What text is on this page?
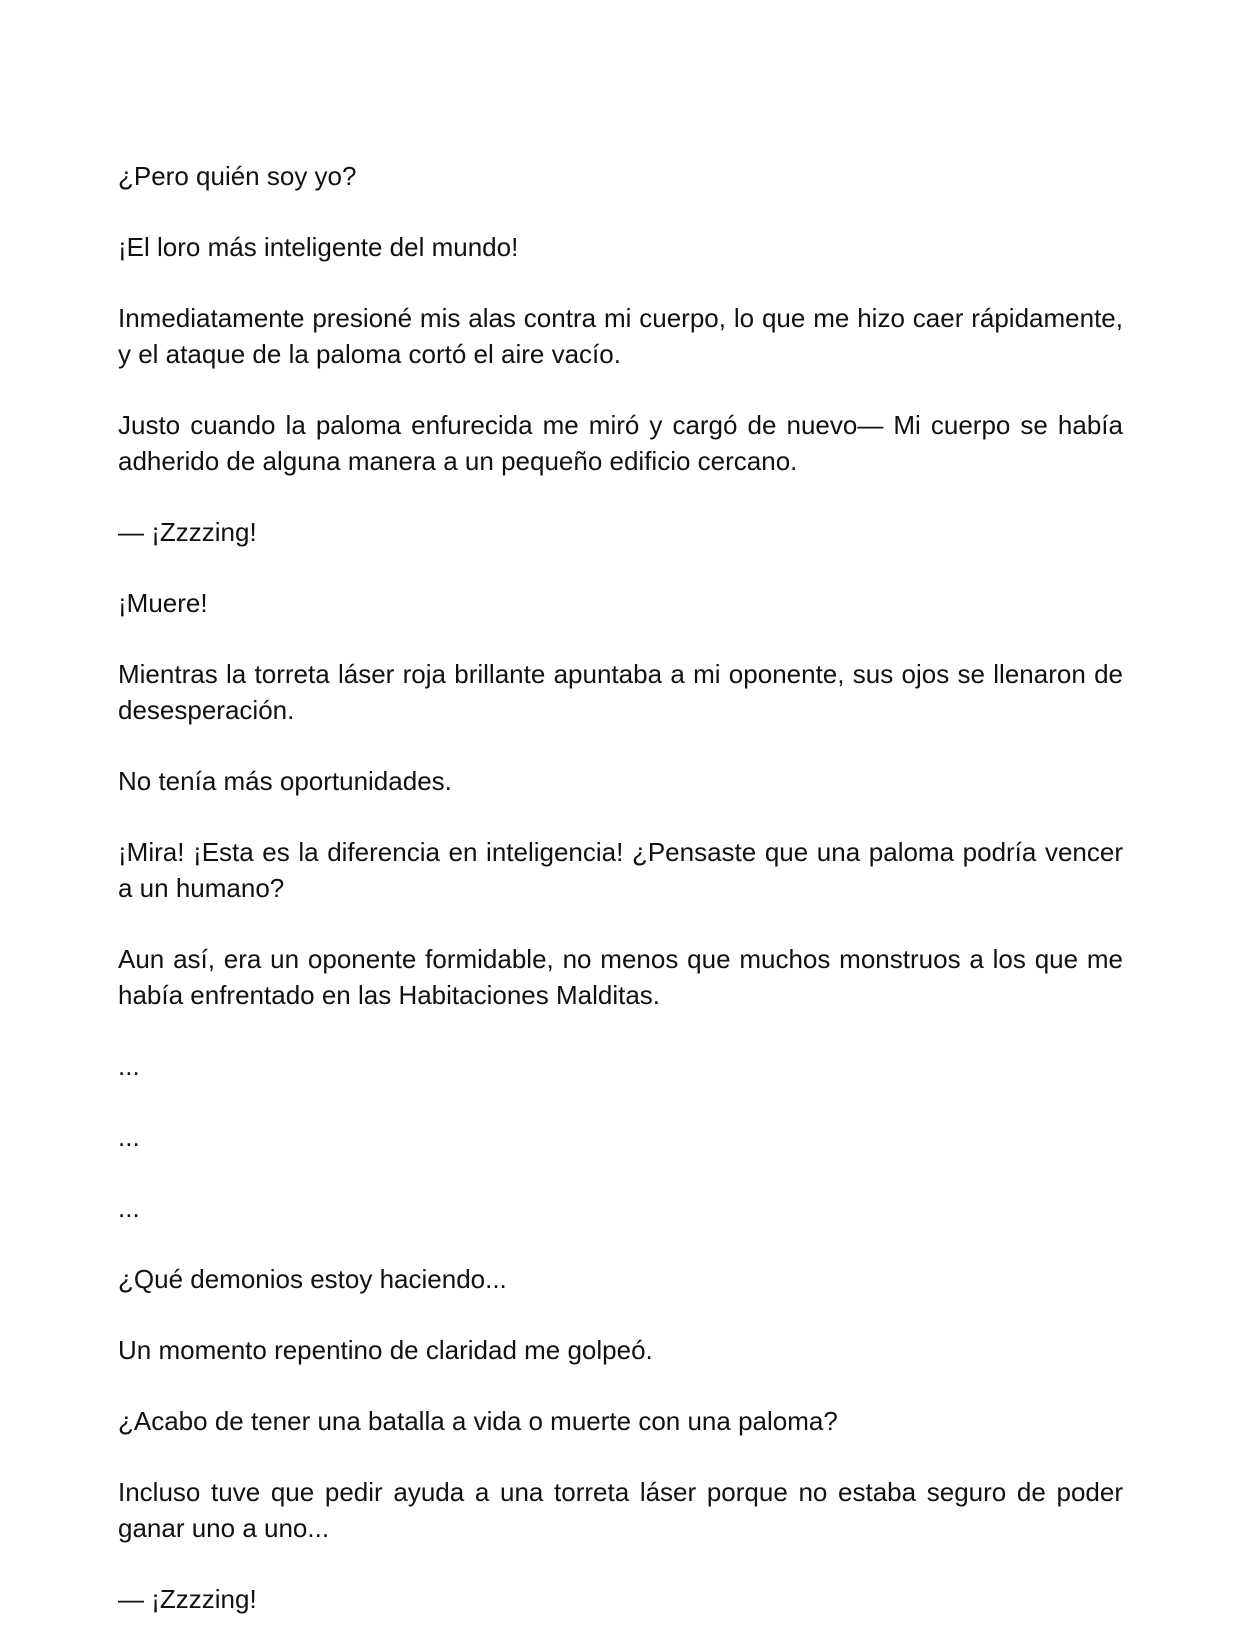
¿Pero quién soy yo?

¡El loro más inteligente del mundo!

Inmediatamente presioné mis alas contra mi cuerpo, lo que me hizo caer rápidamente, y el ataque de la paloma cortó el aire vacío.

Justo cuando la paloma enfurecida me miró y cargó de nuevo— Mi cuerpo se había adherido de alguna manera a un pequeño edificio cercano.

— ¡Zzzzing!

¡Muere!

Mientras la torreta láser roja brillante apuntaba a mi oponente, sus ojos se llenaron de desesperación.

No tenía más oportunidades.

¡Mira! ¡Esta es la diferencia en inteligencia! ¿Pensaste que una paloma podría vencer a un humano?

Aun así, era un oponente formidable, no menos que muchos monstruos a los que me había enfrentado en las Habitaciones Malditas.

...

...

...

¿Qué demonios estoy haciendo...

Un momento repentino de claridad me golpeó.

¿Acabo de tener una batalla a vida o muerte con una paloma?

Incluso tuve que pedir ayuda a una torreta láser porque no estaba seguro de poder ganar uno a uno...

— ¡Zzzzing!
